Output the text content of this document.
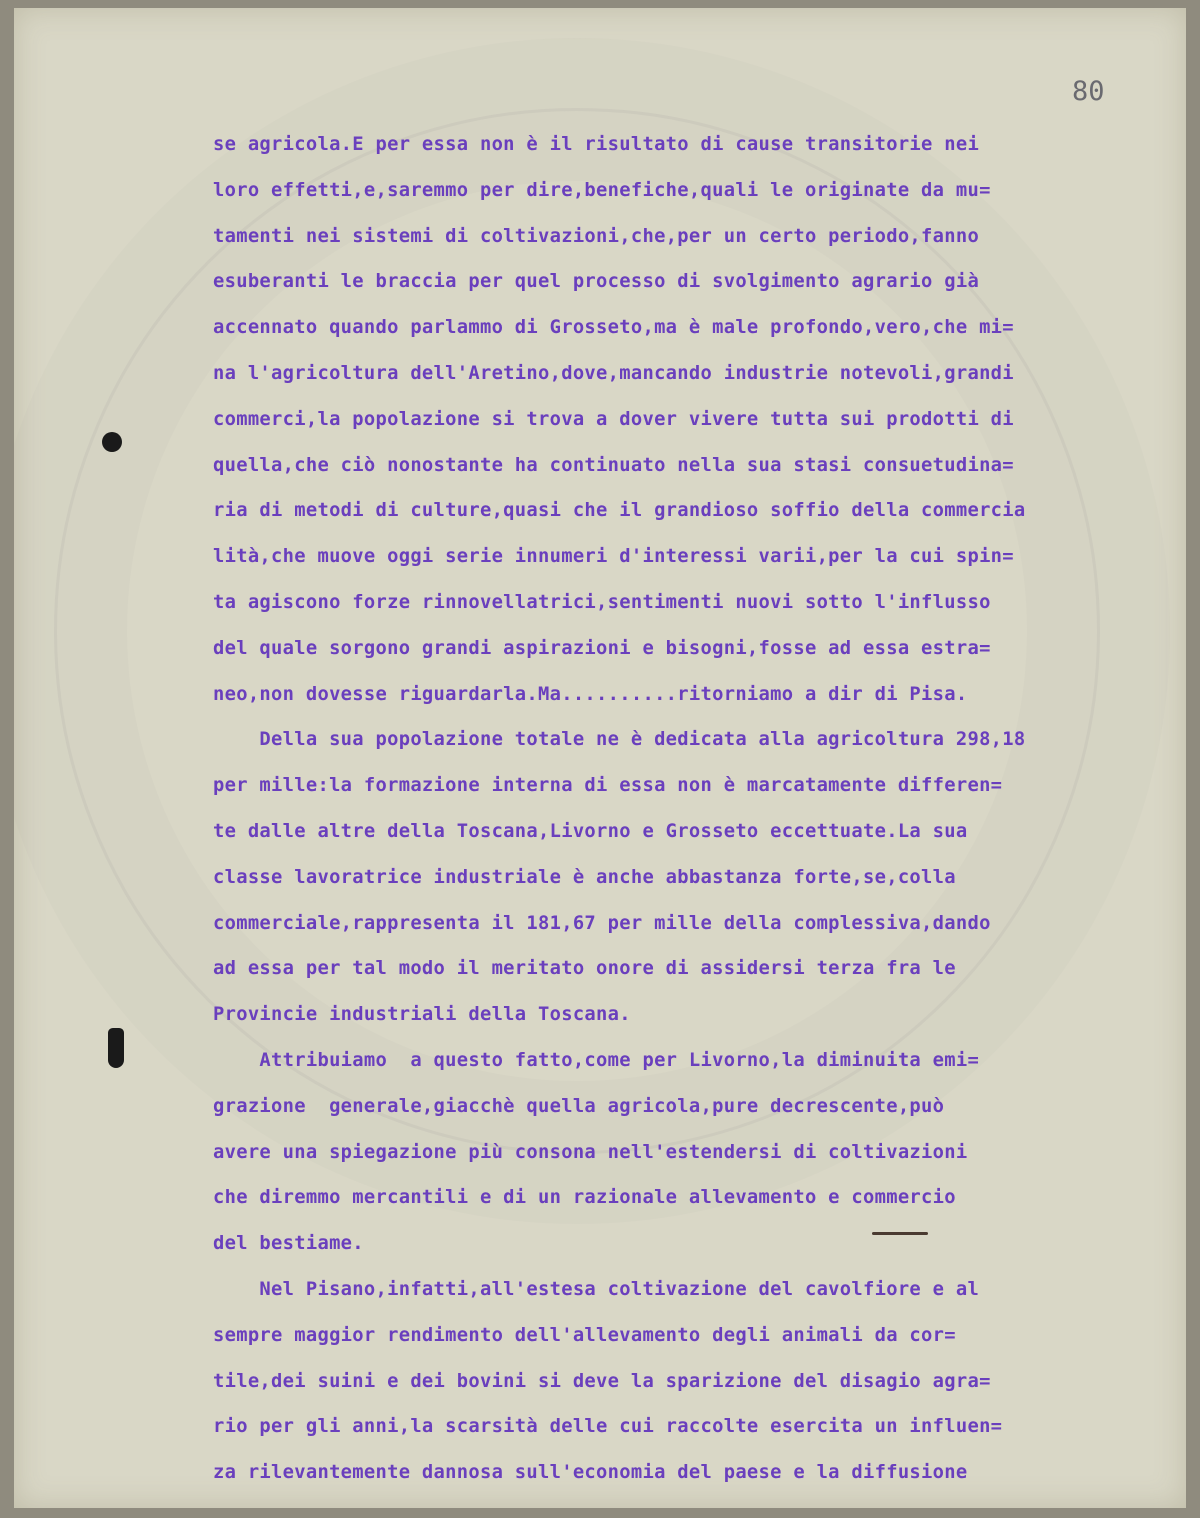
80
se agricola.E per essa non è il risultato di cause transitorie nei
loro effetti,e,saremmo per dire,benefiche,quali le originate da mu=
tamenti nei sistemi di coltivazioni,che,per un certo periodo,fanno
esuberanti le braccia per quel processo di svolgimento agrario già
accennato quando parlammo di Grosseto,ma è male profondo,vero,che mi=
na l'agricoltura dell'Aretino,dove,mancando industrie notevoli,grandi
commerci,la popolazione si trova a dover vivere tutta sui prodotti di
quella,che ciò nonostante ha continuato nella sua stasi consuetudina=
ria di metodi di culture,quasi che il grandioso soffio della commercia
lità,che muove oggi serie innumeri d'interessi varii,per la cui spin=
ta agiscono forze rinnovellatrici,sentimenti nuovi sotto l'influsso
del quale sorgono grandi aspirazioni e bisogni,fosse ad essa estra=
neo,non dovesse riguardarla.Ma..........ritorniamo a dir di Pisa.
Della sua popolazione totale ne è dedicata alla agricoltura 298,18
per mille:la formazione interna di essa non è marcatamente differen=
te dalle altre della Toscana,Livorno e Grosseto eccettuate.La sua
classe lavoratrice industriale è anche abbastanza forte,se,colla
commerciale,rappresenta il 181,67 per mille della complessiva,dando
ad essa per tal modo il meritato onore di assidersi terza fra le
Provincie industriali della Toscana.
Attribuiamo  a questo fatto,come per Livorno,la diminuita emi=
grazione  generale,giacchè quella agricola,pure decrescente,può
avere una spiegazione più consona nell'estendersi di coltivazioni
che diremmo mercantili e di un razionale allevamento e commercio
del bestiame.
Nel Pisano,infatti,all'estesa coltivazione del cavolfiore e al
sempre maggior rendimento dell'allevamento degli animali da cor=
tile,dei suini e dei bovini si deve la sparizione del disagio agra=
rio per gli anni,la scarsità delle cui raccolte esercita un influen=
za rilevantemente dannosa sull'economia del paese e la diffusione
